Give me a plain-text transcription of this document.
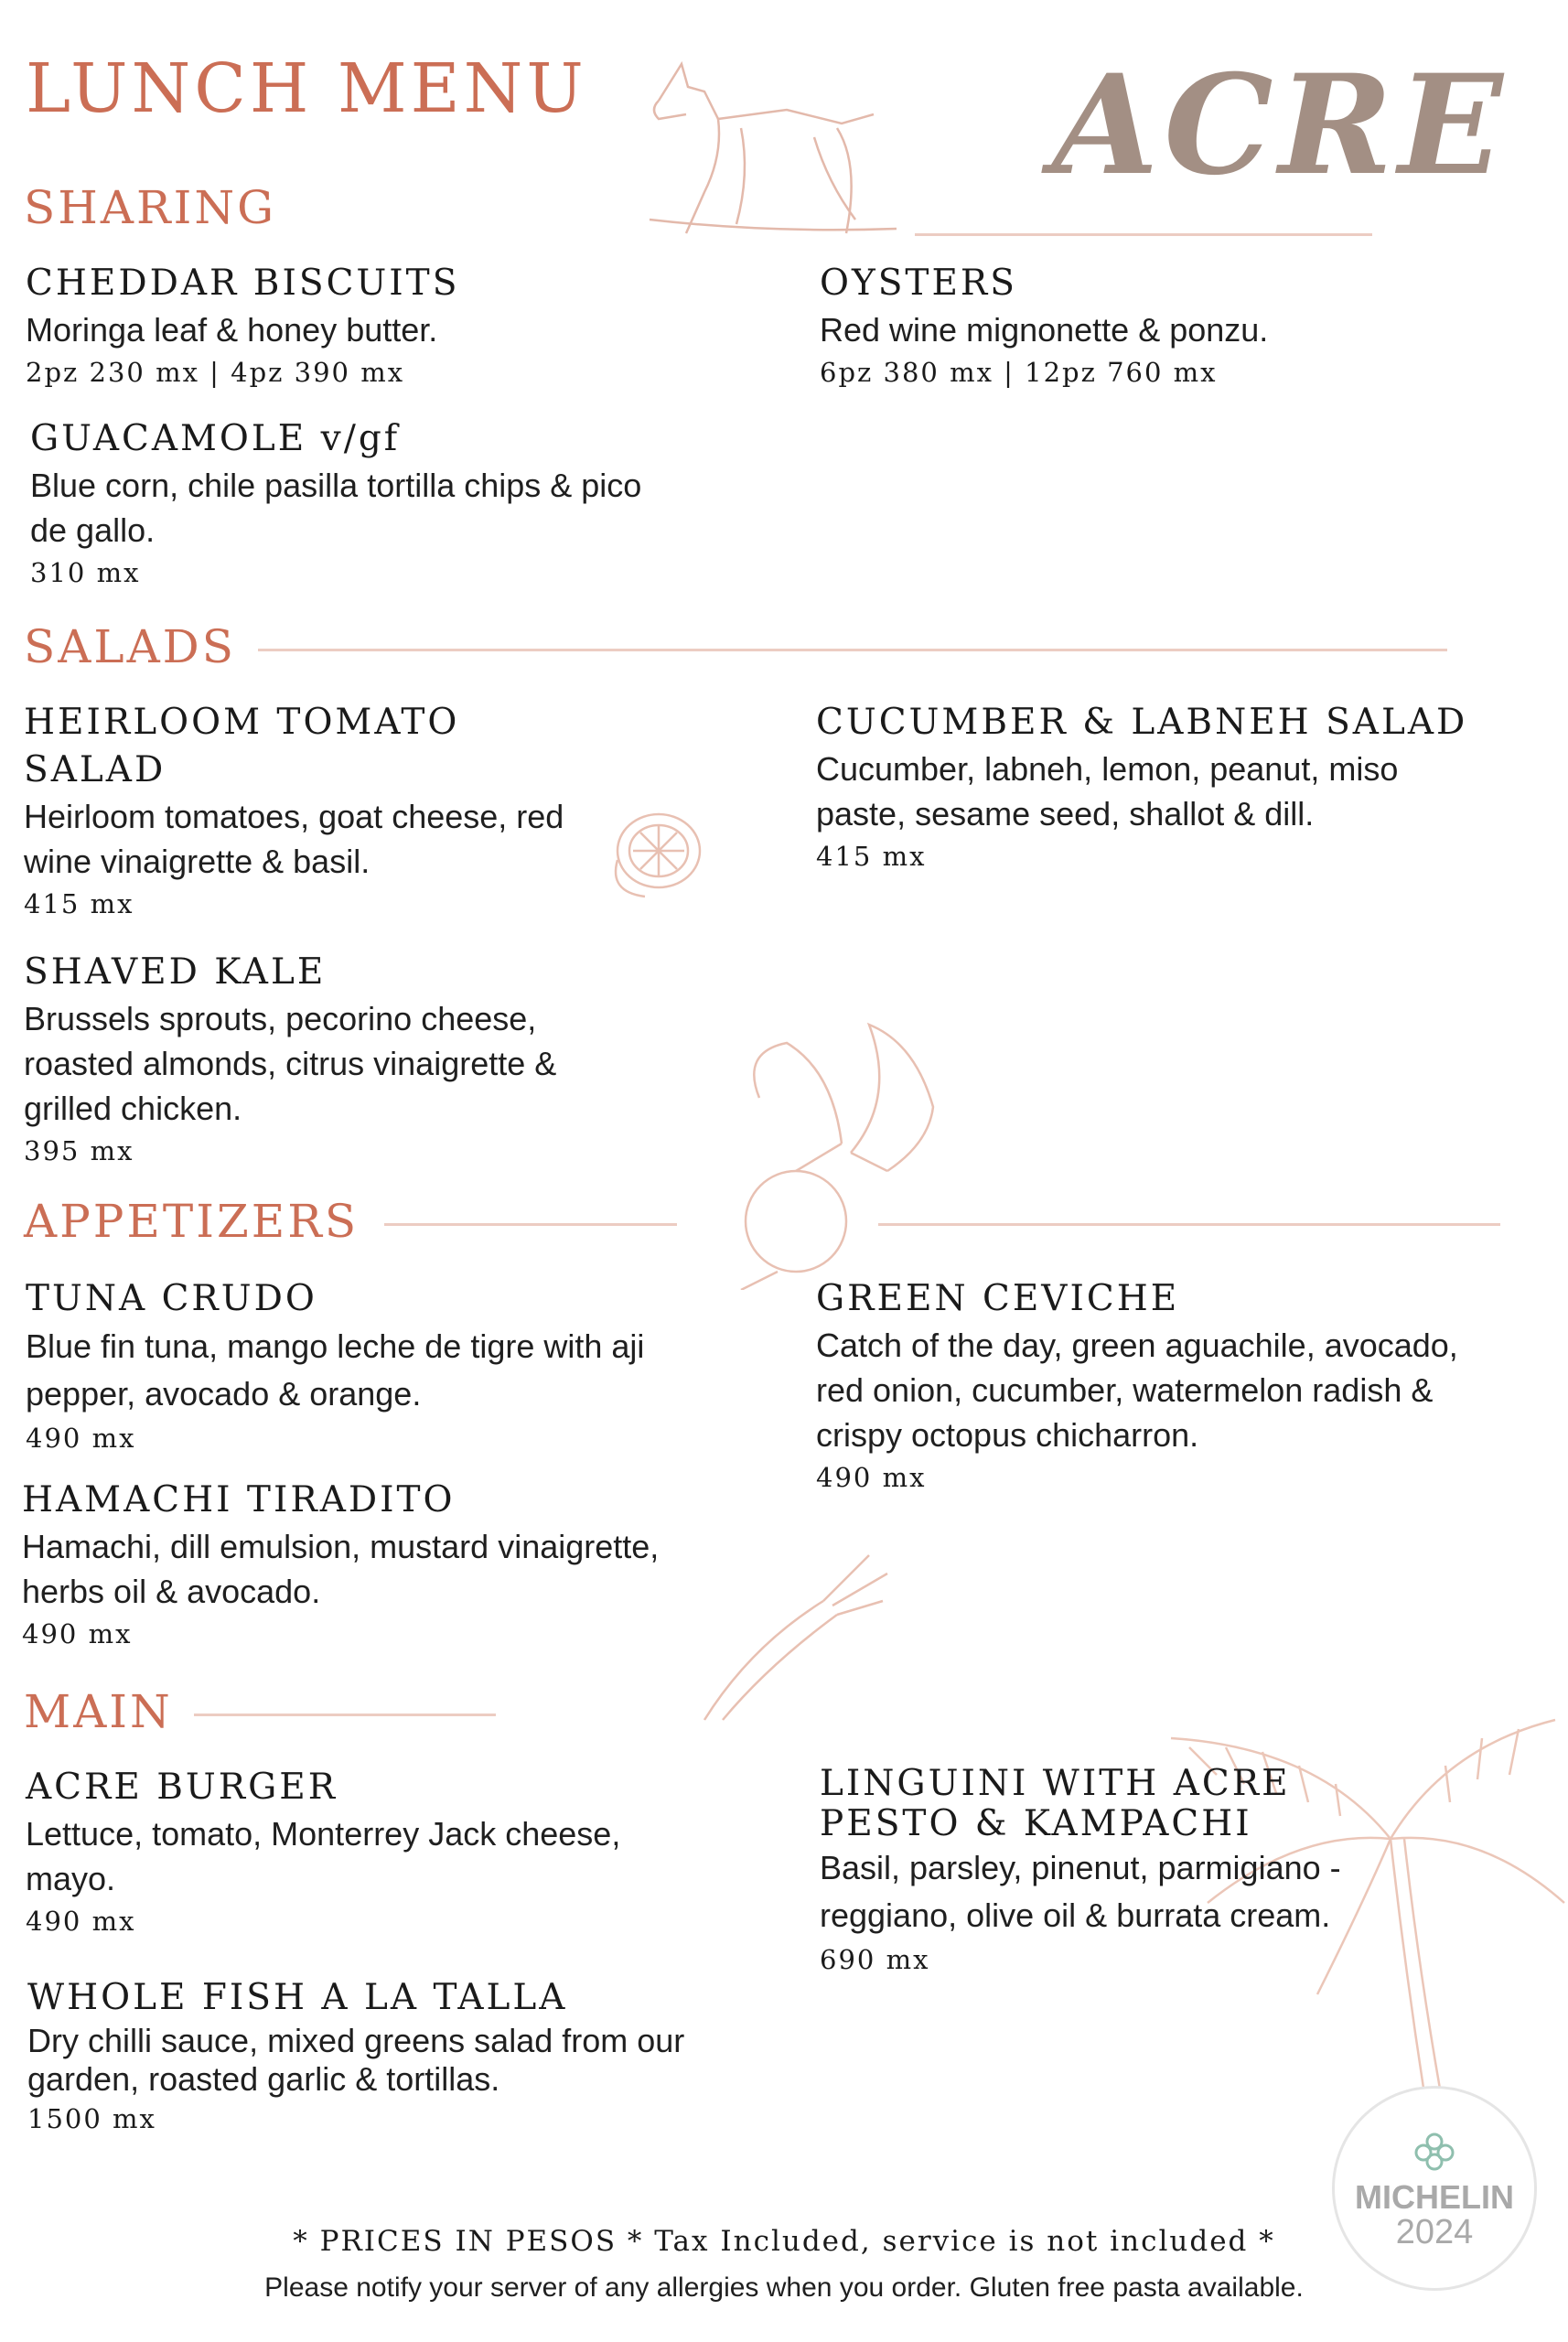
LUNCH MENU	ACRE
SHARING
CHEDDAR BISCUITS
Moringa leaf & honey butter.
2pz 230 mx | 4pz 390 mx
OYSTERS
Red wine mignonette & ponzu.
6pz 380 mx | 12pz 760 mx
GUACAMOLE v/gf
Blue corn, chile pasilla tortilla chips & pico de gallo.
310 mx
SALADS
HEIRLOOM TOMATO SALAD
Heirloom tomatoes, goat cheese, red wine vinaigrette & basil.
415 mx
CUCUMBER & LABNEH SALAD
Cucumber, labneh, lemon, peanut, miso paste, sesame seed, shallot & dill.
415 mx
SHAVED KALE
Brussels sprouts, pecorino cheese, roasted almonds, citrus vinaigrette & grilled chicken.
395 mx
APPETIZERS
TUNA CRUDO
Blue fin tuna, mango leche de tigre with aji pepper, avocado & orange.
490 mx
GREEN CEVICHE
Catch of the day, green aguachile, avocado, red onion, cucumber, watermelon radish & crispy octopus chicharron.
490 mx
HAMACHI TIRADITO
Hamachi, dill emulsion, mustard vinaigrette, herbs oil & avocado.
490 mx
MAIN
ACRE BURGER
Lettuce, tomato, Monterrey Jack cheese, mayo.
490 mx
LINGUINI WITH ACRE PESTO & KAMPACHI
Basil, parsley, pinenut, parmigiano - reggiano, olive oil & burrata cream.
690 mx
WHOLE FISH A LA TALLA
Dry chilli sauce, mixed greens salad from our garden, roasted garlic & tortillas.
1500 mx
MICHELIN
2024
* PRICES IN PESOS * Tax Included, service is not included *
Please notify your server of any allergies when you order. Gluten free pasta available.
